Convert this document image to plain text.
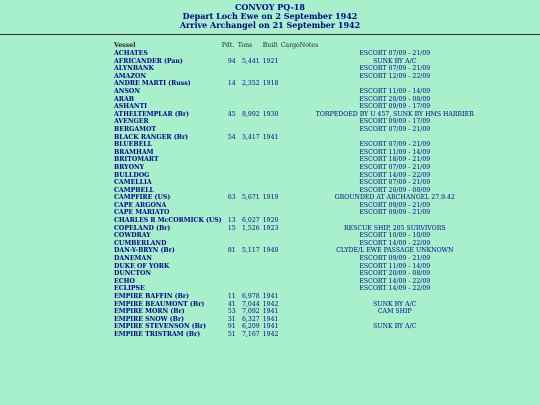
CONVOY PQ-18
Depart Loch Ewe on 2 September 1942
Arrive Archangel on 21 September 1942
Vessel	Pdt.	Tons	Built	Cargo	Notes
ACHATES					ESCORT 07/09 - 21/09
AFRICANDER (Pan)	94	5,441	1921		SUNK BY A/C
ALYNBANK					ESCORT 07/09 - 21/09
AMAZON					ESCORT 12/09 - 22/09
ANDRE MARTI (Russ)	14	2,352	1918		
ANSON					ESCORT 11/09 - 14/09
ARAB					ESCORT 20/09 - 08/09
ASHANTI					ESCORT 09/09 - 17/09
ATHELTEMPLAR (Br)	45	8,992	1930		TORPEDOED BY U 457, SUNK BY HMS HARRIER
AVENGER					ESCORT 09/09 - 17/09
BERGAMOT					ESCORT 07/09 - 21/09
BLACK RANGER (Br)	54	3,417	1941		
BLUEBELL					ESCORT 07/09 - 21/09
BRAMHAM					ESCORT 11/09 - 14/09
BRITOMART					ESCORT 18/09 - 21/09
BRYONY					ESCORT 07/09 - 21/09
BULLDOG					ESCORT 14/09 - 22/09
CAMELLIA					ESCORT 07/09 - 21/09
CAMPBELL					ESCORT 20/09 - 08/09
CAMPFIRE (US)	63	5,671	1919		GROUNDED AT ARCHANGEL 27.9.42
CAPE ARGONA					ESCORT 09/09 - 21/09
CAPE MARIATO					ESCORT 09/09 - 21/09
CHARLES R McCORMICK (US)	13	6,027	1920		
COPELAND (Br)	15	1,526	1923		RESCUE SHIP, 205 SURVIVORS
COWDRAY					ESCORT 10/09 - 10/09
CUMBERLAND					ESCORT 14/09 - 22/09
DAN-Y-BRYN (Br)	81	5,117	1940		CLYDE/L EWE PASSAGE UNKNOWN
DANEMAN					ESCORT 09/09 - 21/09
DUKE OF YORK					ESCORT 11/09 - 14/09
DUNCTON					ESCORT 20/09 - 08/09
ECHO					ESCORT 14/09 - 22/09
ECLIPSE					ESCORT 14/09 - 22/09
EMPIRE BAFFIN (Br)	11	6,978	1941		
EMPIRE BEAUMONT (Br)	41	7,044	1942		SUNK BY A/C
EMPIRE MORN (Br)	53	7,092	1941		CAM SHIP
EMPIRE SNOW (Br)	31	6,327	1941		
EMPIRE STEVENSON (Br)	91	6,209	1941		SUNK BY A/C
EMPIRE TRISTRAM (Br)	51	7,167	1942		
